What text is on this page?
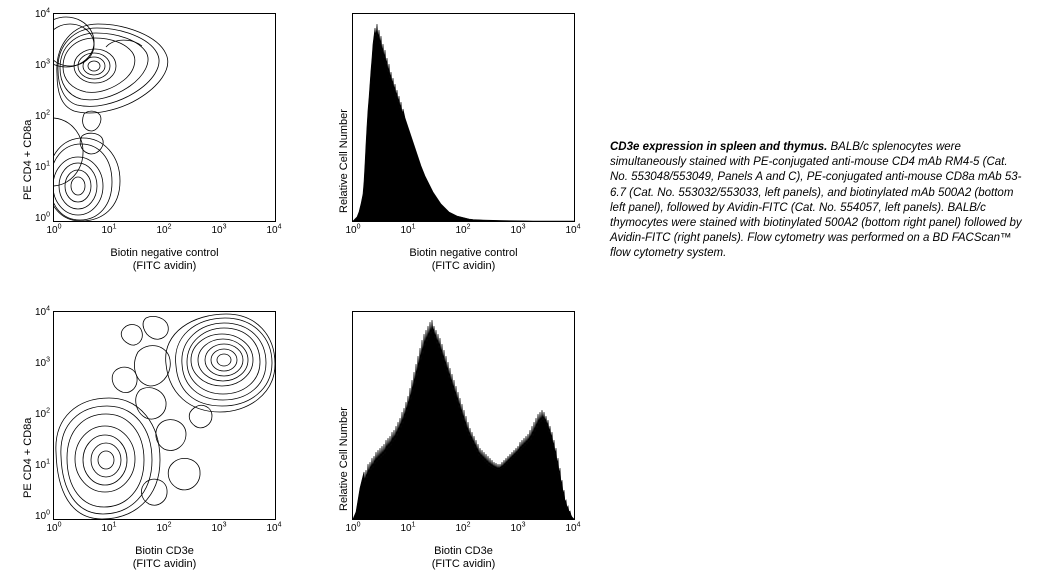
PE CD4 + CD8a
$10^4$
$10^3$
$10^2$
$10^1$
$10^0$
$10^0$	$10^1$	$10^2$	$10^3$	$10^4$
Biotin negative control
(FITC avidin)
Relative Cell Number
$10^0$	$10^1$	$10^2$	$10^3$	$10^4$
Biotin negative control
(FITC avidin)
PE CD4 + CD8a
$10^4$
$10^3$
$10^2$
$10^1$
$10^0$
$10^0$	$10^1$	$10^2$	$10^3$	$10^4$
Biotin CD3e
(FITC avidin)
Relative Cell Number
$10^0$	$10^1$	$10^2$	$10^3$	$10^4$
Biotin CD3e
(FITC avidin)
CD3e expression in spleen and thymus. BALB/c splenocytes were simultaneously stained with PE-conjugated anti-mouse CD4 mAb RM4-5 (Cat. No. 553048/553049, Panels A and C), PE-conjugated anti-mouse CD8a mAb 53-6.7 (Cat. No. 553032/553033, left panels), and biotinylated mAb 500A2 (bottom left panel), followed by Avidin-FITC (Cat. No. 554057, left panels). BALB/c thymocytes were stained with biotinylated 500A2 (bottom right panel) followed by Avidin-FITC (right panels). Flow cytometry was performed on a BD FACScan™ flow cytometry system.
